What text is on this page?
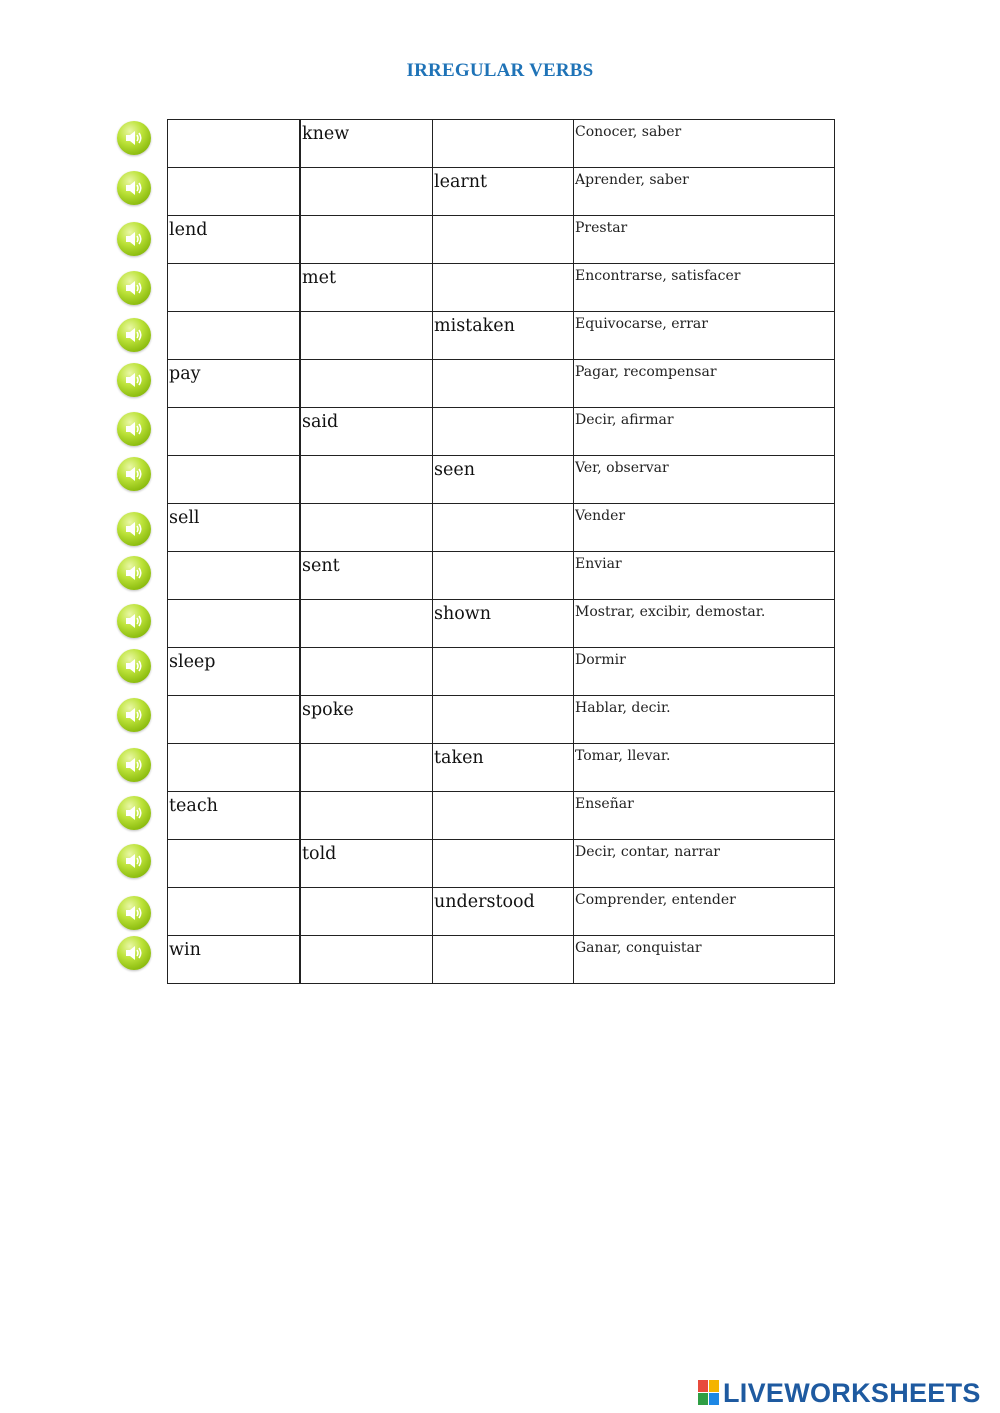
IRREGULAR VERBS

	knew		Conocer, saber

		learnt	Aprender, saber

lend			Prestar

	met		Encontrarse, satisfacer

		mistaken	Equivocarse, errar

pay			Pagar, recompensar

	said		Decir, afirmar

		seen	Ver, observar

sell			Vender

	sent		Enviar

		shown	Mostrar, excibir, demostar.

sleep			Dormir

	spoke		Hablar, decir.

		taken	Tomar, llevar.

teach			Enseñar

	told		Decir, contar, narrar

		understood	Comprender, entender

win			Ganar, conquistar
LIVEWORKSHEETS
